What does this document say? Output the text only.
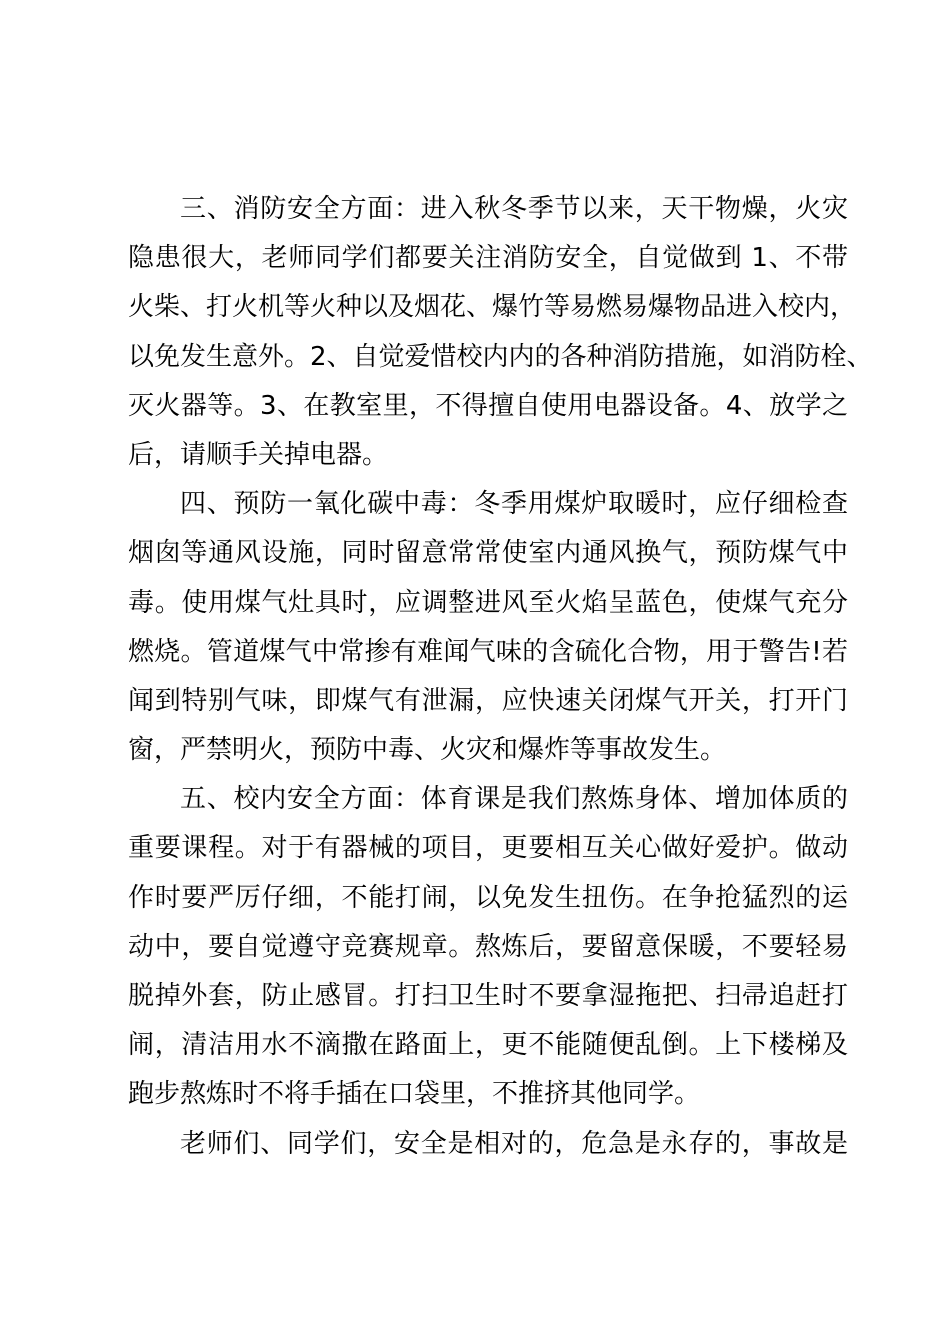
三、消防安全方面：进入秋冬季节以来，天干物燥，火灾
隐患很大，老师同学们都要关注消防安全，自觉做到 1、不带
火柴、打火机等火种以及烟花、爆竹等易燃易爆物品进入校内，
以免发生意外。2、自觉爱惜校内内的各种消防措施，如消防栓、
灭火器等。3、在教室里，不得擅自使用电器设备。4、放学之
后，请顺手关掉电器。
四、预防一氧化碳中毒：冬季用煤炉取暖时，应仔细检查
烟囱等通风设施，同时留意常常使室内通风换气，预防煤气中
毒。使用煤气灶具时，应调整进风至火焰呈蓝色，使煤气充分
燃烧。管道煤气中常掺有难闻气味的含硫化合物，用于警告!若
闻到特别气味，即煤气有泄漏，应快速关闭煤气开关，打开门
窗，严禁明火，预防中毒、火灾和爆炸等事故发生。
五、校内安全方面：体育课是我们熬炼身体、增加体质的
重要课程。对于有器械的项目，更要相互关心做好爱护。做动
作时要严厉仔细，不能打闹，以免发生扭伤。在争抢猛烈的运
动中，要自觉遵守竞赛规章。熬炼后，要留意保暖，不要轻易
脱掉外套，防止感冒。打扫卫生时不要拿湿拖把、扫帚追赶打
闹，清洁用水不滴撒在路面上，更不能随便乱倒。上下楼梯及
跑步熬炼时不将手插在口袋里，不推挤其他同学。
老师们、同学们，安全是相对的，危急是永存的，事故是
